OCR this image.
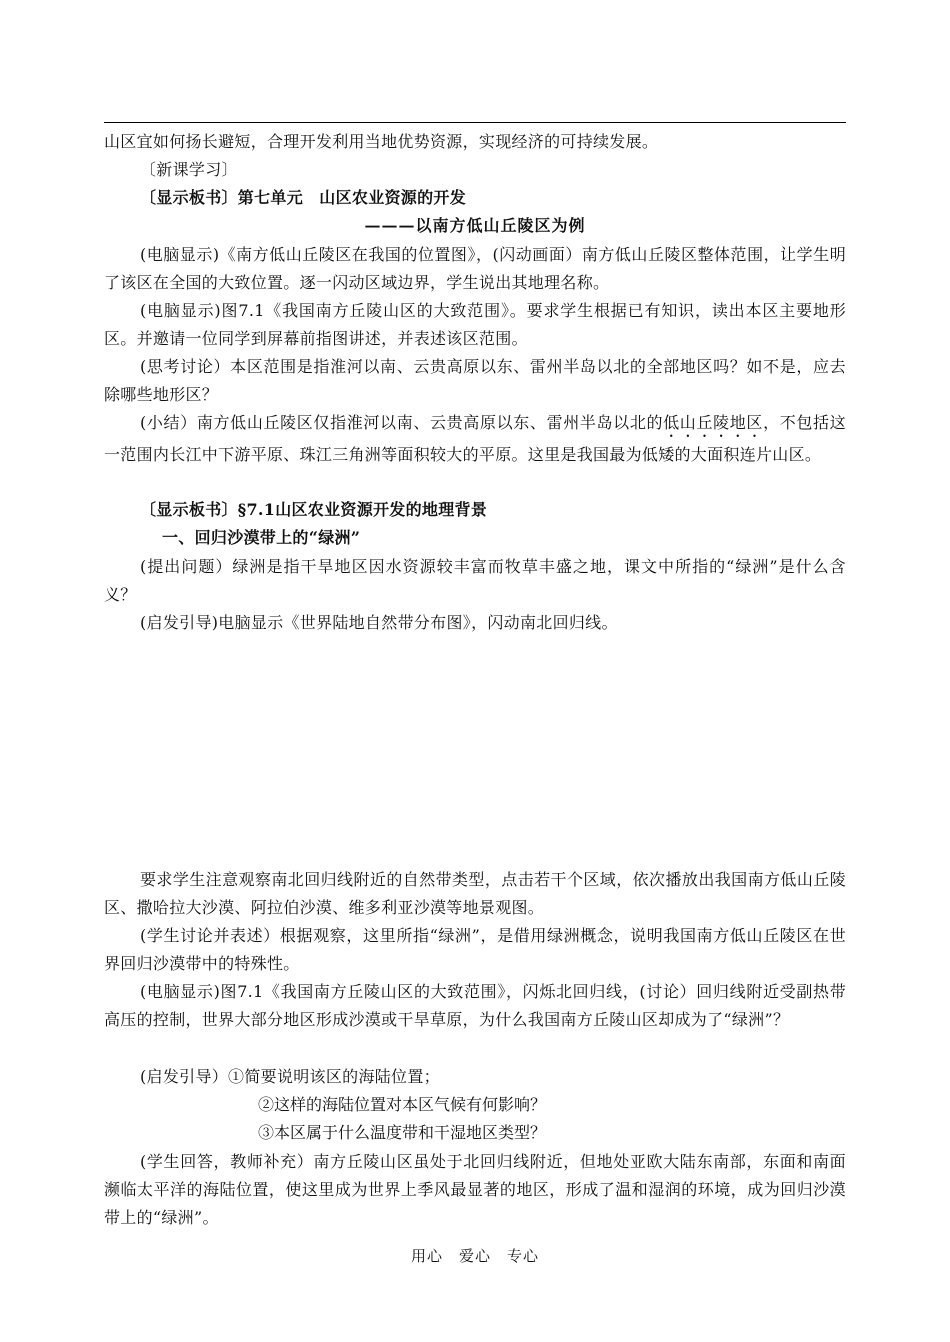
山区宜如何扬长避短，合理开发利用当地优势资源，实现经济的可持续发展。

〔新课学习〕

〔显示板书〕第七单元　山区农业资源的开发

———以南方低山丘陵区为例

(电脑显示)《南方低山丘陵区在我国的位置图》，(闪动画面）南方低山丘陵区整体范围，让学生明了该区在全国的大致位置。逐一闪动区域边界，学生说出其地理名称。

(电脑显示)图7.1《我国南方丘陵山区的大致范围》。要求学生根据已有知识，读出本区主要地形区。并邀请一位同学到屏幕前指图讲述，并表述该区范围。

(思考讨论）本区范围是指淮河以南、云贵高原以东、雷州半岛以北的全部地区吗？如不是，应去除哪些地形区？

(小结）南方低山丘陵区仅指淮河以南、云贵高原以东、雷州半岛以北的低山丘陵地区，不包括这一范围内长江中下游平原、珠江三角洲等面积较大的平原。这里是我国最为低矮的大面积连片山区。

〔显示板书〕§7.1山区农业资源开发的地理背景

一、回归沙漠带上的“绿洲”

(提出问题）绿洲是指干旱地区因水资源较丰富而牧草丰盛之地，课文中所指的“绿洲”是什么含义？

(启发引导)电脑显示《世界陆地自然带分布图》，闪动南北回归线。

要求学生注意观察南北回归线附近的自然带类型，点击若干个区域，依次播放出我国南方低山丘陵区、撒哈拉大沙漠、阿拉伯沙漠、维多利亚沙漠等地景观图。

(学生讨论并表述）根据观察，这里所指“绿洲”，是借用绿洲概念，说明我国南方低山丘陵区在世界回归沙漠带中的特殊性。

(电脑显示)图7.1《我国南方丘陵山区的大致范围》，闪烁北回归线，(讨论）回归线附近受副热带高压的控制，世界大部分地区形成沙漠或干旱草原，为什么我国南方丘陵山区却成为了“绿洲”？

(启发引导）①简要说明该区的海陆位置；

②这样的海陆位置对本区气候有何影响？
③本区属于什么温度带和干湿地区类型？

(学生回答，教师补充）南方丘陵山区虽处于北回归线附近，但地处亚欧大陆东南部，东面和南面濒临太平洋的海陆位置，使这里成为世界上季风最显著的地区，形成了温和湿润的环境，成为回归沙漠带上的“绿洲”。

用心　爱心　专心
